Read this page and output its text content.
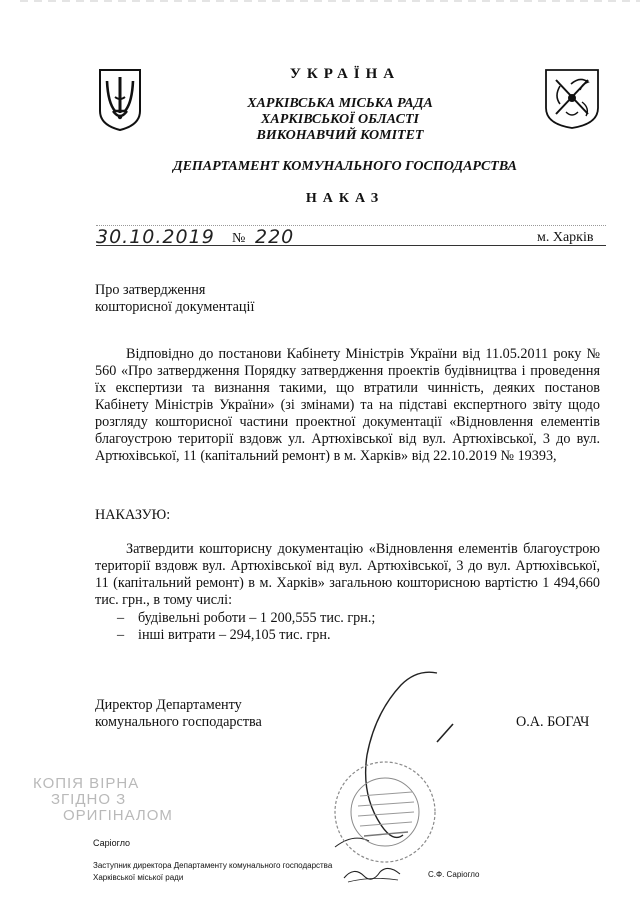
УКРАЇНА
ХАРКІВСЬКА МІСЬКА РАДА
ХАРКІВСЬКОЇ ОБЛАСТІ
ВИКОНАВЧИЙ КОМІТЕТ
ДЕПАРТАМЕНТ КОМУНАЛЬНОГО ГОСПОДАРСТВА
НАКАЗ
30.10.2019 № 220	м. Харків
Про затвердження
кошторисної документації
Відповідно до постанови Кабінету Міністрів України від 11.05.2011 року № 560 «Про затвердження Порядку затвердження проектів будівництва і проведення їх експертизи та визнання такими, що втратили чинність, деяких постанов Кабінету Міністрів України» (зі змінами) та на підставі експертного звіту щодо розгляду кошторисної частини проектної документації «Відновлення елементів благоустрою території вздовж ул. Артюхівської від вул. Артюхівської, 3 до вул. Артюхівської, 11 (капітальний ремонт) в м. Харків» від 22.10.2019 № 19393,
НАКАЗУЮ:
Затвердити кошторисну документацію «Відновлення елементів благоустрою території вздовж вул. Артюхівської від вул. Артюхівської, 3 до вул. Артюхівської, 11 (капітальний ремонт) в м. Харків» загальною кошторисною вартістю 1 494,660 тис. грн., в тому числі:
– будівельні роботи – 1 200,555 тис. грн.;
– інші витрати – 294,105 тис. грн.
Директор Департаменту
комунального господарства	О.А. БОГАЧ
КОПІЯ ВІРНА
ЗГІДНО З
ОРИГІНАЛОМ
Саріогло
Заступник директора Департаменту комунального господарства
Харківської міської ради	С.Ф. Саріогло
